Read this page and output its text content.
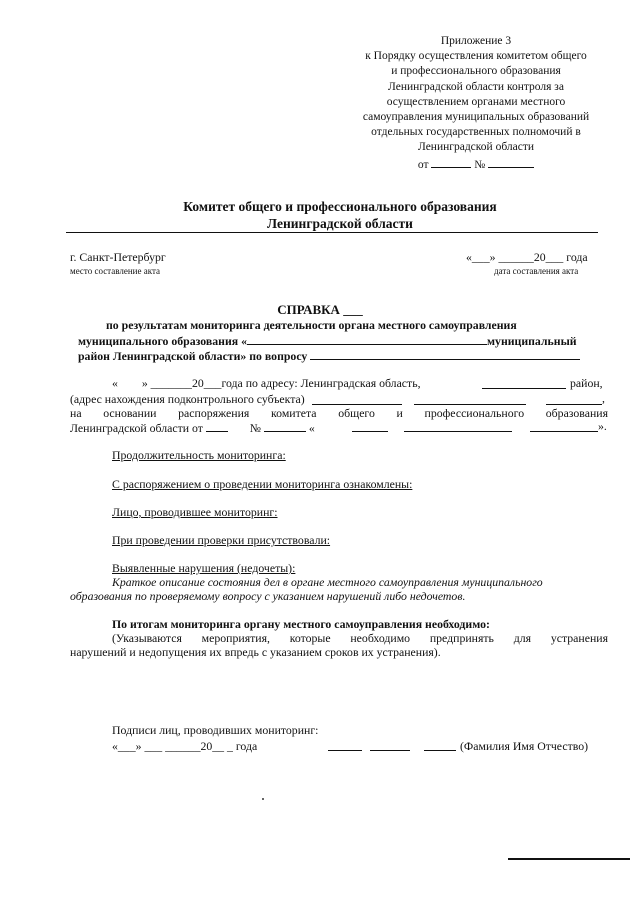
Приложение 3
к Порядку осуществления комитетом общего
и профессионального образования
Ленинградской области контроля за
осуществлением органами местного
самоуправления муниципальных образований
отдельных государственных полномочий в
Ленинградской области
от	№
Комитет общего и профессионального образования
Ленинградской области
г. Санкт-Петербург
место составление акта
«___» ______20___ года
дата составления акта
СПРАВКА ___
по результатам мониторинга деятельности органа местного самоуправления
муниципального образования «	муниципальный
район Ленинградской области» по вопросу
« » _______20___года по адресу: Ленинградская область,	район,
(адрес нахождения подконтрольного субъекта)	,
на основании распоряжения комитета общего и профессионального образования
Ленинградской области от	№	«	».
Продолжительность мониторинга:
С распоряжением о проведении мониторинга ознакомлены:
Лицо, проводившее мониторинг:
При проведении проверки присутствовали:
Выявленные нарушения (недочеты):
Краткое описание состояния дел в органе местного самоуправления муниципального
образования по проверяемому вопросу с указанием нарушений либо недочетов.
По итогам мониторинга органу местного самоуправления необходимо:
(Указываются мероприятия, которые необходимо предпринять для устранения
нарушений и недопущения их впредь с указанием сроков их устранения).
Подписи лиц, проводивших мониторинг:
«___» ___ ______20__ _ года	(Фамилия Имя Отчество)
